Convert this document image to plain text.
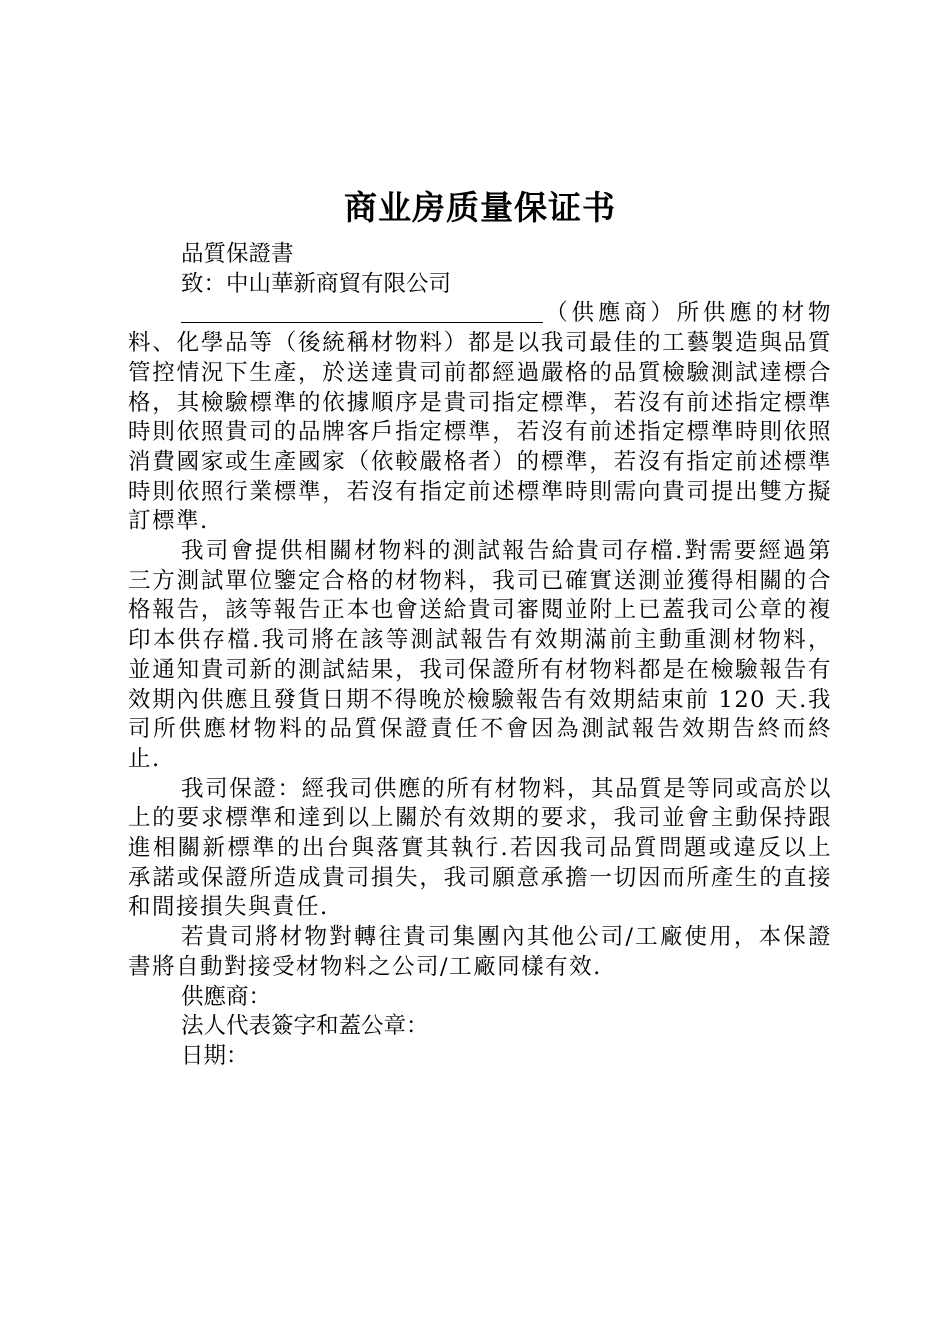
商业房质量保证书

品質保證書

致：中山華新商貿有限公司

（供應商）所供應的材物料、化學品等（後統稱材物料）都是以我司最佳的工藝製造與品質管控情況下生產，於送達貴司前都經過嚴格的品質檢驗測試達標合格，其檢驗標準的依據順序是貴司指定標準，若沒有前述指定標準時則依照貴司的品牌客戶指定標準，若沒有前述指定標準時則依照消費國家或生產國家（依較嚴格者）的標準，若沒有指定前述標準時則依照行業標準，若沒有指定前述標準時則需向貴司提出雙方擬訂標準.

我司會提供相關材物料的測試報告給貴司存檔.對需要經過第三方測試單位鑒定合格的材物料，我司已確實送測並獲得相關的合格報告，該等報告正本也會送給貴司審閱並附上已蓋我司公章的複印本供存檔.我司將在該等測試報告有效期滿前主動重測材物料，並通知貴司新的測試結果，我司保證所有材物料都是在檢驗報告有效期內供應且發貨日期不得晚於檢驗報告有效期結束前 120 天.我司所供應材物料的品質保證責任不會因為測試報告效期告終而終止.

我司保證：經我司供應的所有材物料，其品質是等同或高於以上的要求標準和達到以上關於有效期的要求，我司並會主動保持跟進相關新標準的出台與落實其執行.若因我司品質問題或違反以上承諾或保證所造成貴司損失，我司願意承擔一切因而所產生的直接和間接損失與責任.

若貴司將材物對轉往貴司集團內其他公司/工廠使用，本保證書將自動對接受材物料之公司/工廠同樣有效.

供應商：

法人代表簽字和蓋公章：

日期：
